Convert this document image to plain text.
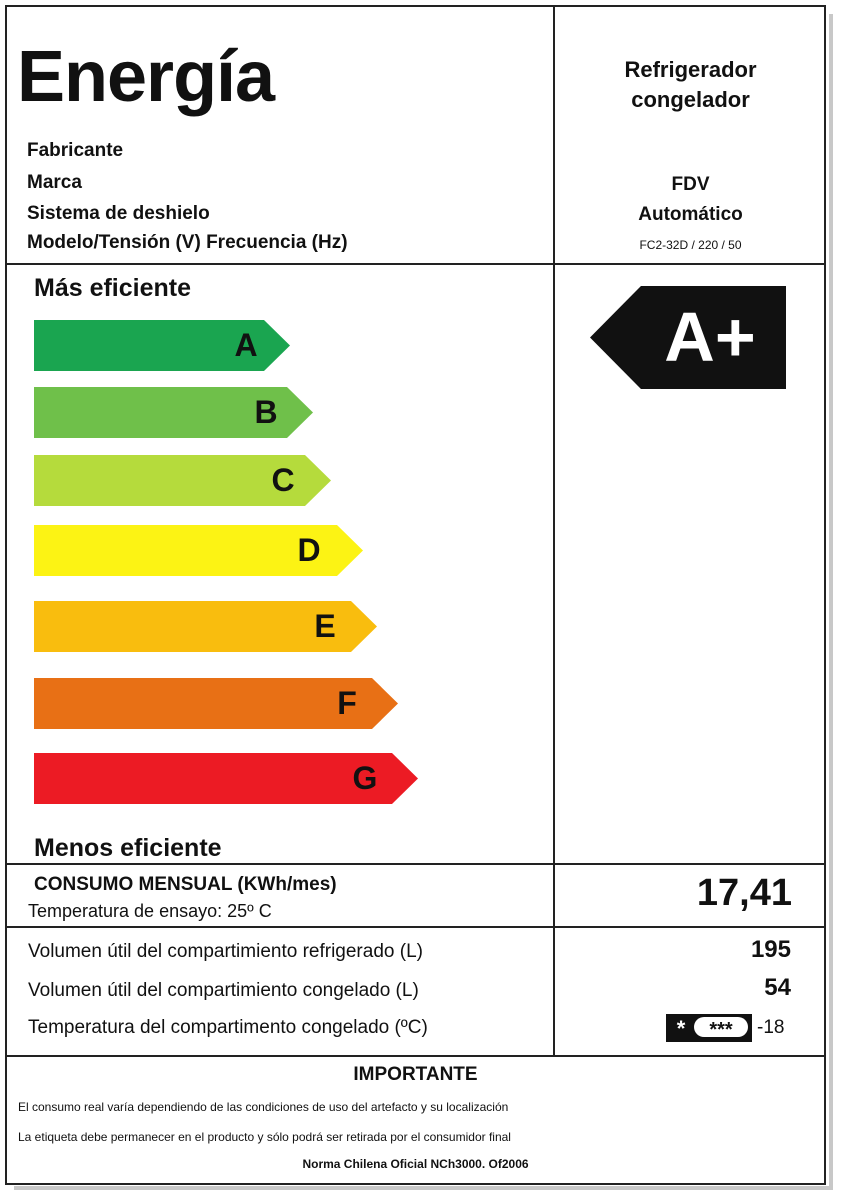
Energía	Refrigerador
congelador
Fabricante
Marca
Sistema de deshielo
Modelo/Tensión (V) Frecuencia (Hz)
FDV
Automático
FC2-32D / 220 / 50
Más eficiente
A
B
C
D
E
F
G
Menos eficiente
A+
CONSUMO MENSUAL (KWh/mes)
Temperatura de ensayo: 25º C	17,41
Volumen útil del compartimiento refrigerado (L)	195
Volumen útil del compartimiento congelado (L)	54
Temperatura del compartimento congelado (ºC)	*	***	-18
IMPORTANTE
El consumo real varía dependiendo de las condiciones de uso del artefacto y su localización
La etiqueta debe permanecer en el producto y sólo podrá ser retirada por el consumidor final
Norma Chilena Oficial NCh3000. Of2006
